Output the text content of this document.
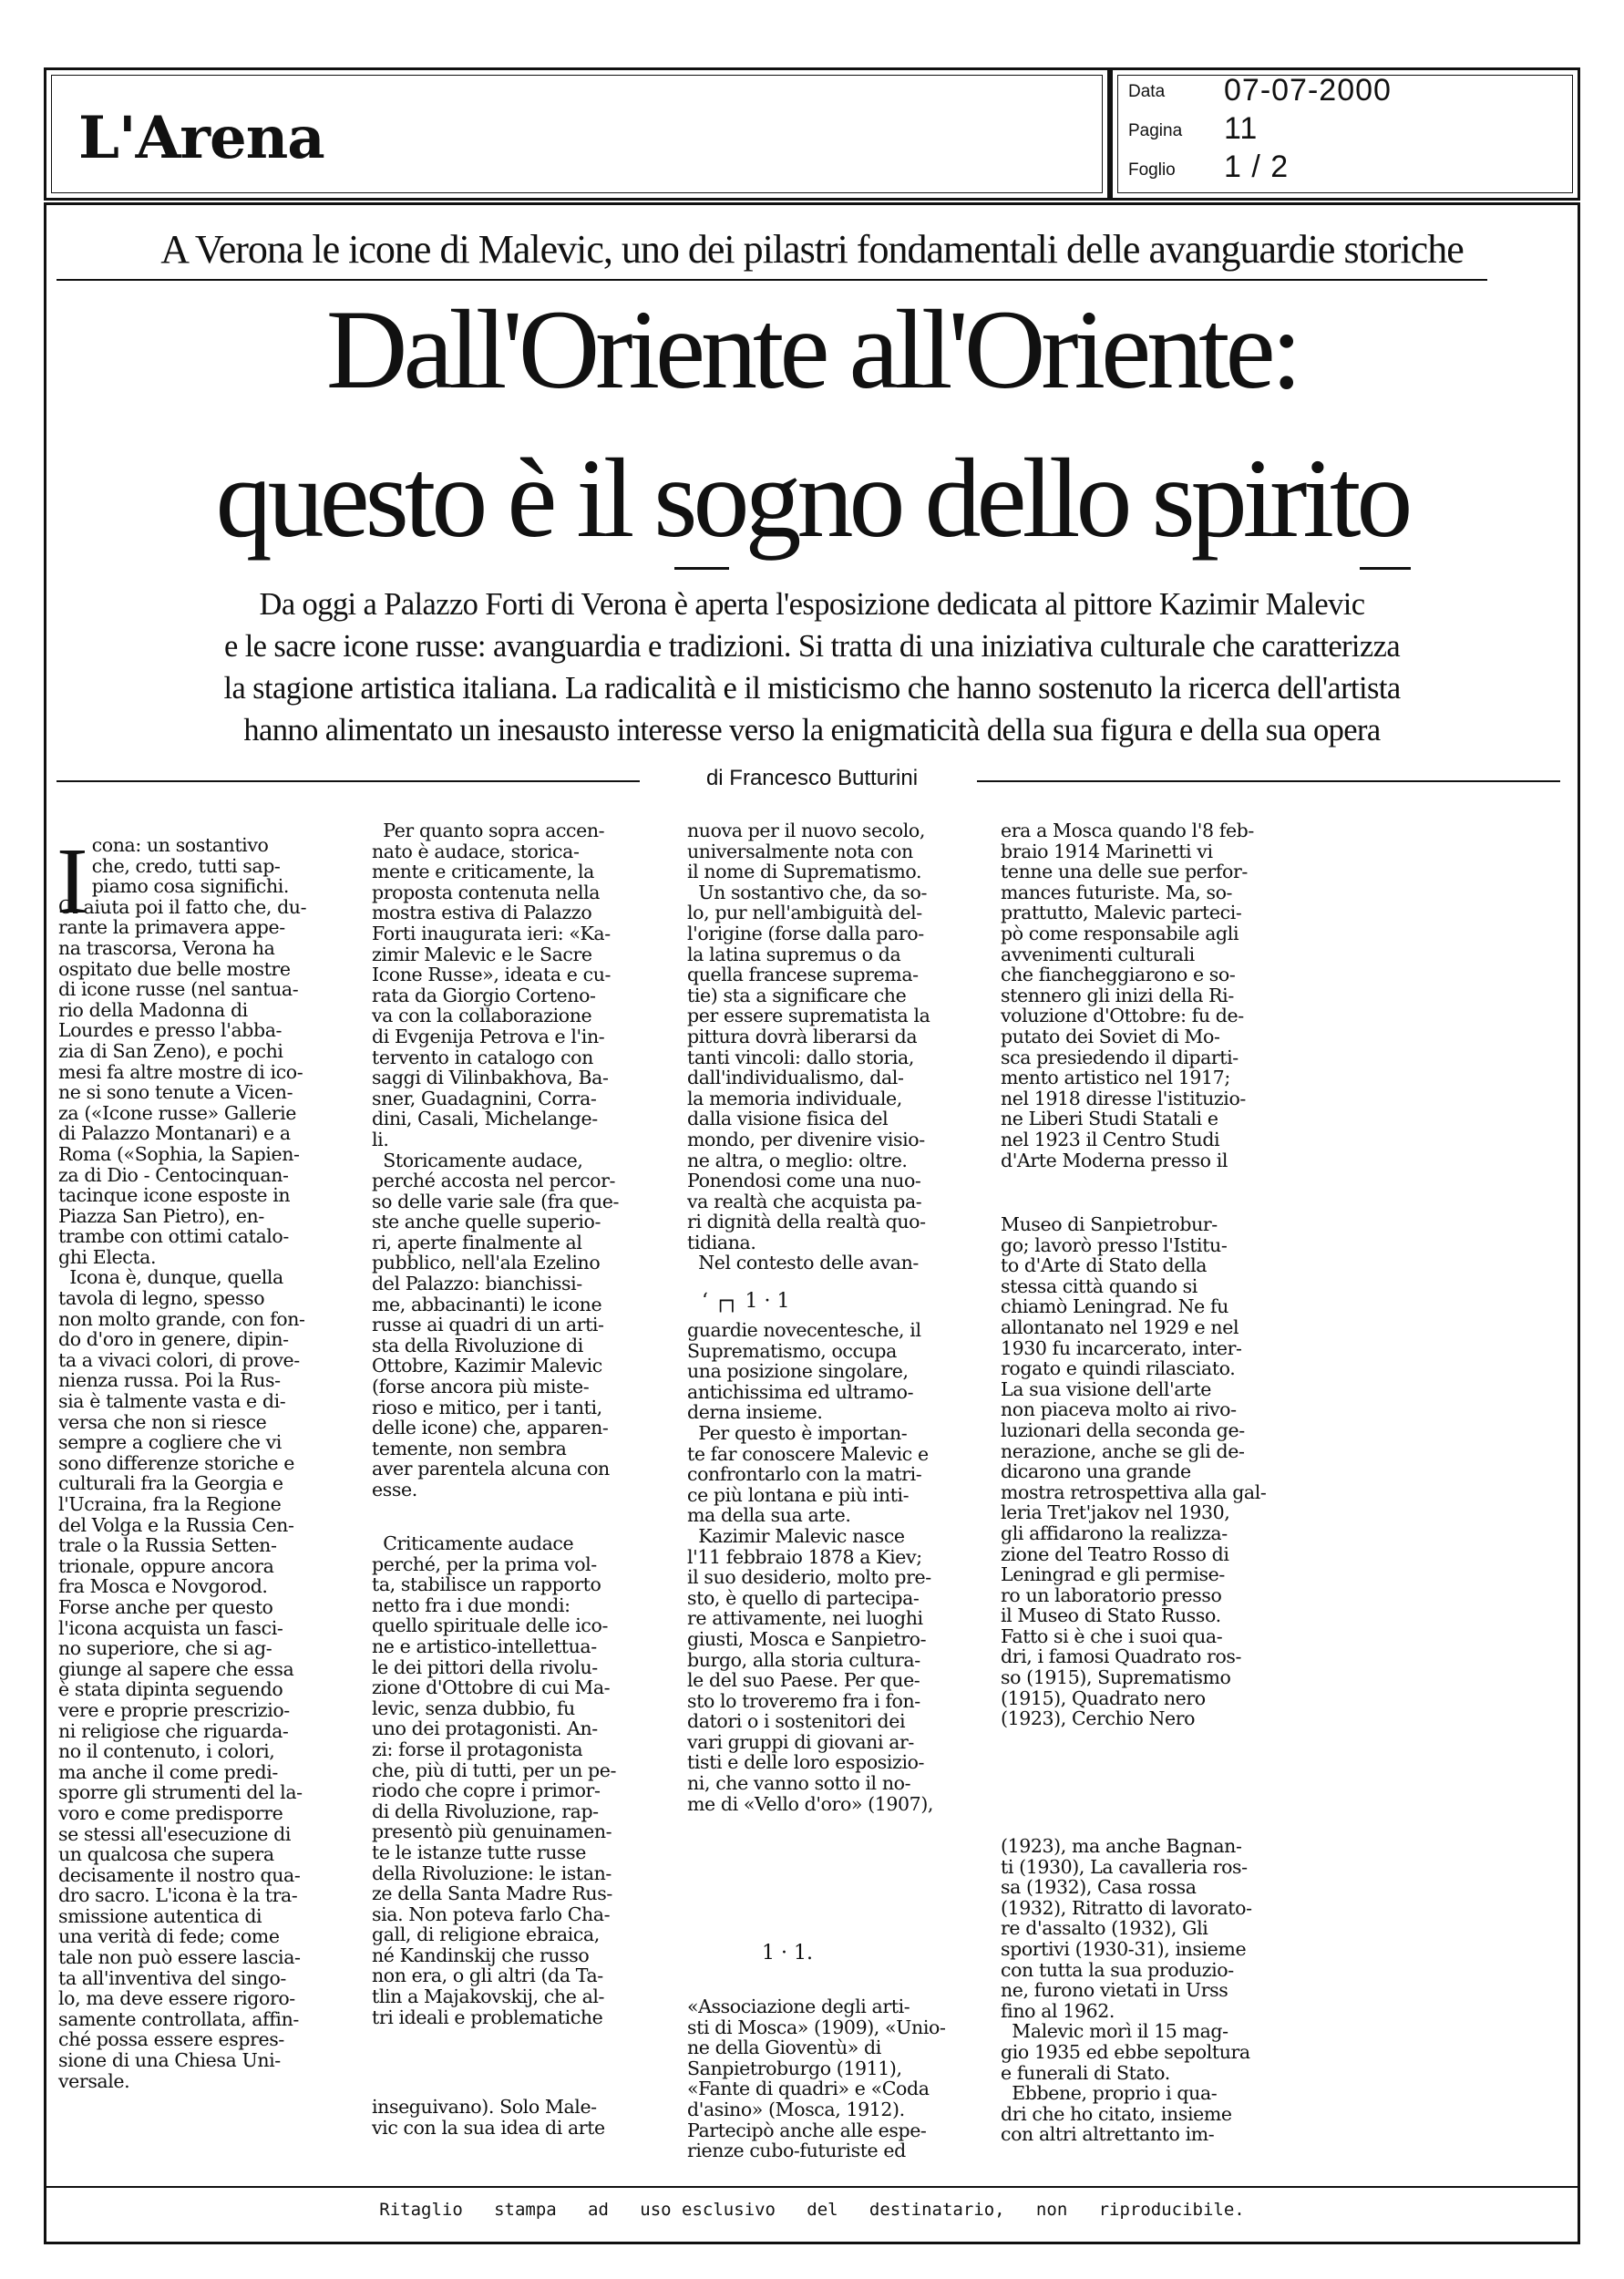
L'Arena
Data 07-07-2000
Pagina 11
Foglio 1 / 2
A Verona le icone di Malevic, uno dei pilastri fondamentali delle avanguardie storiche
Dall'Oriente all'Oriente:
questo è il sogno dello spirito
Da oggi a Palazzo Forti di Verona è aperta l'esposizione dedicata al pittore Kazimir Malevic
e le sacre icone russe: avanguardia e tradizioni. Si tratta di una iniziativa culturale che caratterizza
la stagione artistica italiana. La radicalità e il misticismo che hanno sostenuto la ricerca dell'artista
hanno alimentato un inesausto interesse verso la enigmaticità della sua figura e della sua opera
di Francesco Butturini
I cona: un sostantivo
che, credo, tutti sap-
piamo cosa significhi.
Ci aiuta poi il fatto che, du-
rante la primavera appe-
na trascorsa, Verona ha
ospitato due belle mostre
di icone russe (nel santua-
rio della Madonna di
Lourdes e presso l'abba-
zia di San Zeno), e pochi
mesi fa altre mostre di ico-
ne si sono tenute a Vicen-
za («Icone russe» Gallerie
di Palazzo Montanari) e a
Roma («Sophia, la Sapien-
za di Dio - Centocinquan-
tacinque icone esposte in
Piazza San Pietro), en-
trambe con ottimi catalo-
ghi Electa.
Icona è, dunque, quella
tavola di legno, spesso
non molto grande, con fon-
do d'oro in genere, dipin-
ta a vivaci colori, di prove-
nienza russa. Poi la Rus-
sia è talmente vasta e di-
versa che non si riesce
sempre a cogliere che vi
sono differenze storiche e
culturali fra la Georgia e
l'Ucraina, fra la Regione
del Volga e la Russia Cen-
trale o la Russia Setten-
trionale, oppure ancora
fra Mosca e Novgorod.
Forse anche per questo
l'icona acquista un fasci-
no superiore, che si ag-
giunge al sapere che essa
è stata dipinta seguendo
vere e proprie prescrizio-
ni religiose che riguarda-
no il contenuto, i colori,
ma anche il come predi-
sporre gli strumenti del la-
voro e come predisporre
se stessi all'esecuzione di
un qualcosa che supera
decisamente il nostro qua-
dro sacro. L'icona è la tra-
smissione autentica di
una verità di fede; come
tale non può essere lascia-
ta all'inventiva del singo-
lo, ma deve essere rigoro-
samente controllata, affin-
ché possa essere espres-
sione di una Chiesa Uni-
versale.
Per quanto sopra accen-
nato è audace, storica-
mente e criticamente, la
proposta contenuta nella
mostra estiva di Palazzo
Forti inaugurata ieri: «Ka-
zimir Malevic e le Sacre
Icone Russe», ideata e cu-
rata da Giorgio Corteno-
va con la collaborazione
di Evgenija Petrova e l'in-
tervento in catalogo con
saggi di Vilinbakhova, Ba-
sner, Guadagnini, Corra-
dini, Casali, Michelange-
li.
Storicamente audace,
perché accosta nel percor-
so delle varie sale (fra que-
ste anche quelle superio-
ri, aperte finalmente al
pubblico, nell'ala Ezelino
del Palazzo: bianchissi-
me, abbacinanti) le icone
russe ai quadri di un arti-
sta della Rivoluzione di
Ottobre, Kazimir Malevic
(forse ancora più miste-
rioso e mitico, per i tanti,
delle icone) che, apparen-
temente, non sembra
aver parentela alcuna con
esse.
Criticamente audace
perché, per la prima vol-
ta, stabilisce un rapporto
netto fra i due mondi:
quello spirituale delle ico-
ne e artistico-intellettua-
le dei pittori della rivolu-
zione d'Ottobre di cui Ma-
levic, senza dubbio, fu
uno dei protagonisti. An-
zi: forse il protagonista
che, più di tutti, per un pe-
riodo che copre i primor-
di della Rivoluzione, rap-
presentò più genuinamen-
te le istanze tutte russe
della Rivoluzione: le istan-
ze della Santa Madre Rus-
sia. Non poteva farlo Cha-
gall, di religione ebraica,
né Kandinskij che russo
non era, o gli altri (da Ta-
tlin a Majakovskij, che al-
tri ideali e problematiche
inseguivano). Solo Male-
vic con la sua idea di arte
nuova per il nuovo secolo,
universalmente nota con
il nome di Suprematismo.
Un sostantivo che, da so-
lo, pur nell'ambiguità del-
l'origine (forse dalla paro-
la latina supremus o da
quella francese suprema-
tie) sta a significare che
per essere suprematista la
pittura dovrà liberarsi da
tanti vincoli: dallo storia,
dall'individualismo, dal-
la memoria individuale,
dalla visione fisica del
mondo, per divenire visio-
ne altra, o meglio: oltre.
Ponendosi come una nuo-
va realtà che acquista pa-
ri dignità della realtà quo-
tidiana.
Nel contesto delle avan-
ʻ ┌┐ 1 · 1
guardie novecentesche, il
Suprematismo, occupa
una posizione singolare,
antichissima ed ultramo-
derna insieme.
Per questo è importan-
te far conoscere Malevic e
confrontarlo con la matri-
ce più lontana e più inti-
ma della sua arte.
Kazimir Malevic nasce
l'11 febbraio 1878 a Kiev;
il suo desiderio, molto pre-
sto, è quello di partecipa-
re attivamente, nei luoghi
giusti, Mosca e Sanpietro-
burgo, alla storia cultura-
le del suo Paese. Per que-
sto lo troveremo fra i fon-
datori o i sostenitori dei
vari gruppi di giovani ar-
tisti e delle loro esposizio-
ni, che vanno sotto il no-
me di «Vello d'oro» (1907),
1 · 1.
«Associazione degli arti-
sti di Mosca» (1909), «Unio-
ne della Gioventù» di
Sanpietroburgo (1911),
«Fante di quadri» e «Coda
d'asino» (Mosca, 1912).
Partecipò anche alle espe-
rienze cubo-futuriste ed
era a Mosca quando l'8 feb-
braio 1914 Marinetti vi
tenne una delle sue perfor-
mances futuriste. Ma, so-
prattutto, Malevic parteci-
pò come responsabile agli
avvenimenti culturali
che fiancheggiarono e so-
stennero gli inizi della Ri-
voluzione d'Ottobre: fu de-
putato dei Soviet di Mo-
sca presiedendo il diparti-
mento artistico nel 1917;
nel 1918 diresse l'istituzio-
ne Liberi Studi Statali e
nel 1923 il Centro Studi
d'Arte Moderna presso il
Museo di Sanpietrobur-
go; lavorò presso l'Istitu-
to d'Arte di Stato della
stessa città quando si
chiamò Leningrad. Ne fu
allontanato nel 1929 e nel
1930 fu incarcerato, inter-
rogato e quindi rilasciato.
La sua visione dell'arte
non piaceva molto ai rivo-
luzionari della seconda ge-
nerazione, anche se gli de-
dicarono una grande
mostra retrospettiva alla gal-
leria Tret'jakov nel 1930,
gli affidarono la realizza-
zione del Teatro Rosso di
Leningrad e gli permise-
ro un laboratorio presso
il Museo di Stato Russo.
Fatto si è che i suoi qua-
dri, i famosi Quadrato ros-
so (1915), Suprematismo
(1915), Quadrato nero
(1923), Cerchio Nero
(1923), ma anche Bagnan-
ti (1930), La cavalleria ros-
sa (1932), Casa rossa
(1932), Ritratto di lavorato-
re d'assalto (1932), Gli
sportivi (1930-31), insieme
con tutta la sua produzio-
ne, furono vietati in Urss
fino al 1962.
Malevic morì il 15 mag-
gio 1935 ed ebbe sepoltura
e funerali di Stato.
Ebbene, proprio i qua-
dri che ho citato, insieme
con altri altrettanto im-
Ritaglio   stampa   ad   uso esclusivo   del   destinatario,   non   riproducibile.
